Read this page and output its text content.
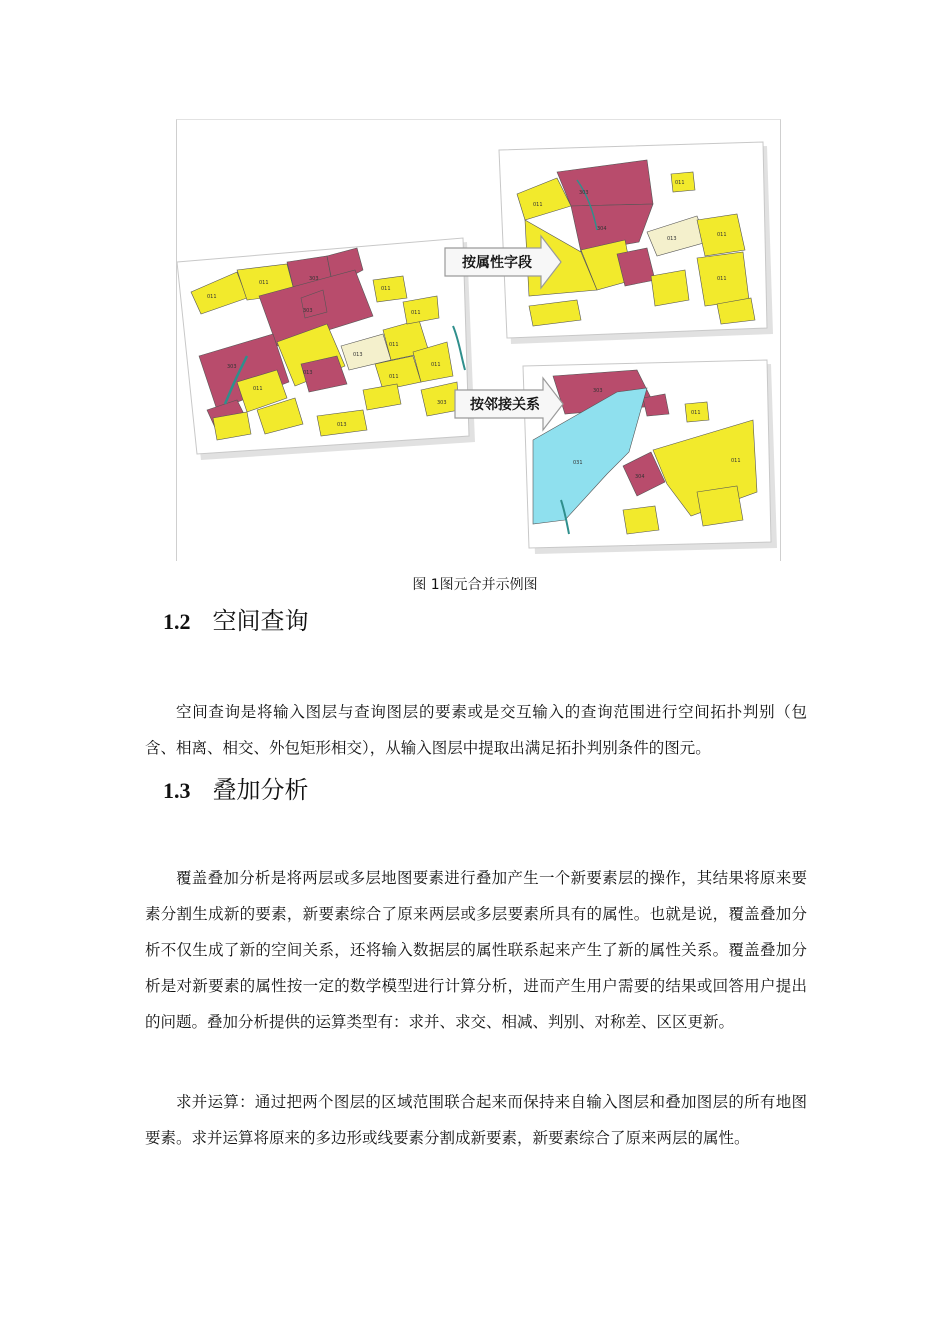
011
011
303
303
303
013
013
011
011
011
303
013
011
011
011
011
303
304
013
011
011
011
031
304
011
303
011
按属性字段
按邻接关系
图 1图元合并示例图
1.2 空间查询

空间查询是将输入图层与查询图层的要素或是交互输入的查询范围进行空间拓扑判别（包含、相离、相交、外包矩形相交），从输入图层中提取出满足拓扑判别条件的图元。

1.3 叠加分析

覆盖叠加分析是将两层或多层地图要素进行叠加产生一个新要素层的操作，其结果将原来要素分割生成新的要素，新要素综合了原来两层或多层要素所具有的属性。也就是说，覆盖叠加分析不仅生成了新的空间关系，还将输入数据层的属性联系起来产生了新的属性关系。覆盖叠加分析是对新要素的属性按一定的数学模型进行计算分析，进而产生用户需要的结果或回答用户提出的问题。叠加分析提供的运算类型有：求并、求交、相减、判别、对称差、区区更新。

求并运算：通过把两个图层的区域范围联合起来而保持来自输入图层和叠加图层的所有地图要素。求并运算将原来的多边形或线要素分割成新要素，新要素综合了原来两层的属性。
